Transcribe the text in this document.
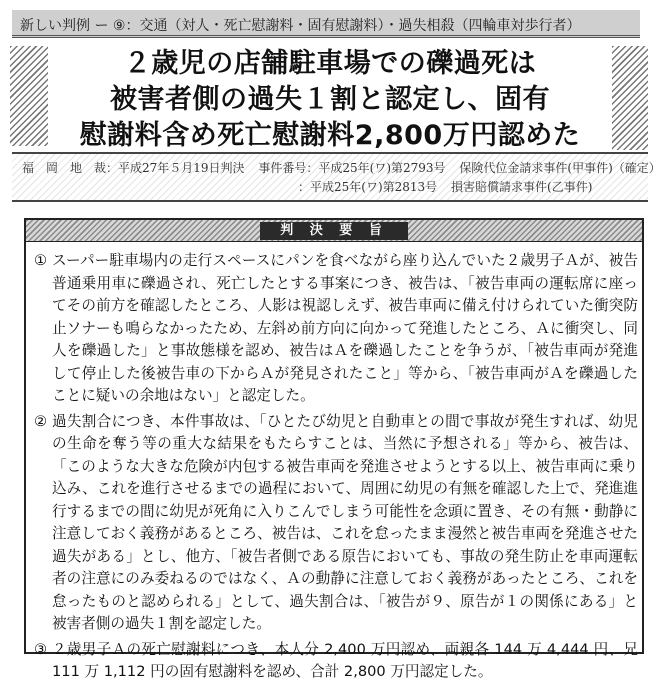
新しい判例 ー ⑨：交通（対人・死亡慰謝料・固有慰謝料）・過失相殺（四輪車対歩行者）
２歳児の店舗駐車場での礫過死は
被害者側の過失１割と認定し、固有
慰謝料含め死亡慰謝料2,800万円認めた
福　岡　地　裁：平成27年５月19日判決 事件番号：平成25年(ワ)第2793号 保険代位金請求事件(甲事件)（確定）
：平成25年(ワ)第2813号 損害賠償請求事件(乙事件)
判 決 要 旨
① スーパー駐車場内の走行スペースにパンを食べながら座り込んでいた２歳男子Ａが、被告普通乗用車に礫過され、死亡したとする事案につき、被告は、「被告車両の運転席に座ってその前方を確認したところ、人影は視認しえず、被告車両に備え付けられていた衝突防止ソナーも鳴らなかったため、左斜め前方向に向かって発進したところ、Ａに衝突し、同人を礫過した」と事故態様を認め、被告はＡを礫過したことを争うが、「被告車両が発進して停止した後被告車の下からＡが発見されたこと」等から、「被告車両がＡを礫過したことに疑いの余地はない」と認定した。
② 過失割合につき、本件事故は、「ひとたび幼児と自動車との間で事故が発生すれば、幼児の生命を奪う等の重大な結果をもたらすことは、当然に予想される」等から、被告は、「このような大きな危険が内包する被告車両を発進させようとする以上、被告車両に乗り込み、これを進行させるまでの過程において、周囲に幼児の有無を確認した上で、発進進行するまでの間に幼児が死角に入りこんでしまう可能性を念頭に置き、その有無・動静に注意しておく義務があるところ、被告は、これを怠ったまま漫然と被告車両を発進させた過失がある」とし、他方、「被告者側である原告においても、事故の発生防止を車両運転者の注意にのみ委ねるのではなく、Ａの動静に注意しておく義務があったところ、これを怠ったものと認められる」として、過失割合は、「被告が９、原告が１の関係にある」と被害者側の過失１割を認定した。
③ ２歳男子Ａの死亡慰謝料につき、本人分 2,400 万円認め、両親各 144 万 4,444 円、兄 111 万 1,112 円の固有慰謝料を認め、合計 2,800 万円認定した。
